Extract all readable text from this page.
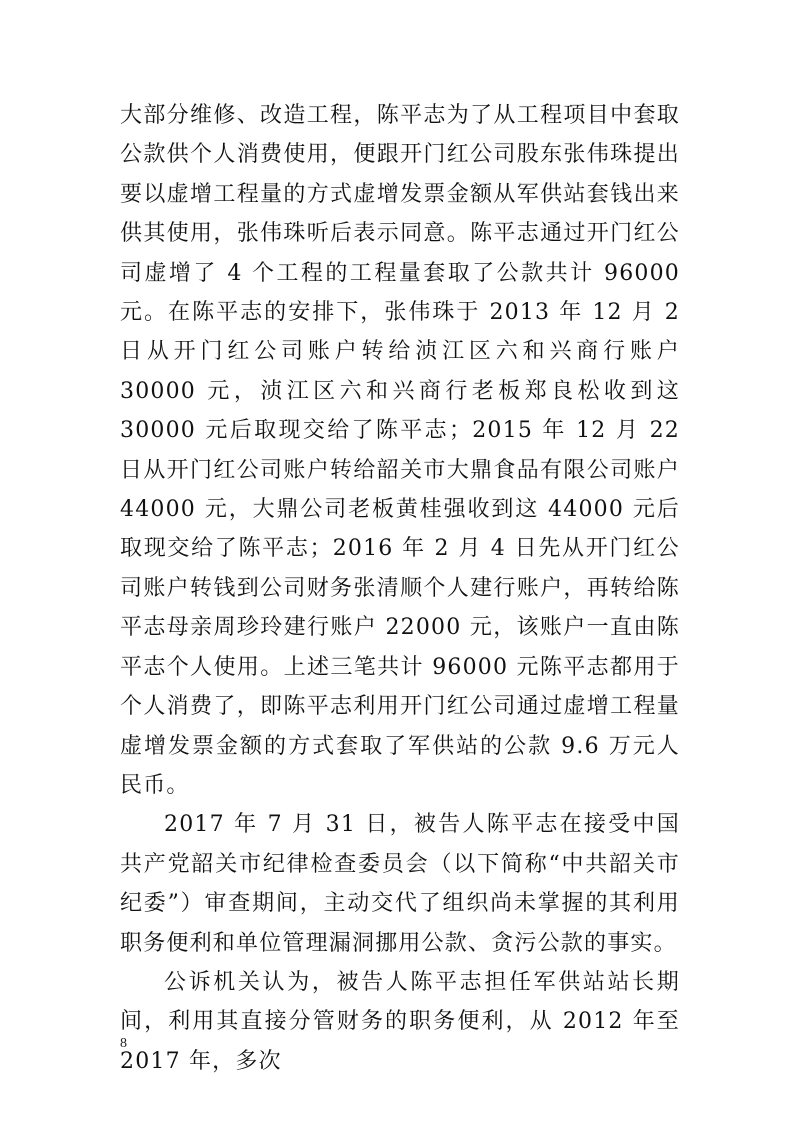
大部分维修、改造工程，陈平志为了从工程项目中套取公款供个人消费使用，便跟开门红公司股东张伟珠提出要以虚增工程量的方式虚增发票金额从军供站套钱出来供其使用，张伟珠听后表示同意。陈平志通过开门红公司虚增了 4 个工程的工程量套取了公款共计 96000 元。在陈平志的安排下，张伟珠于 2013 年 12 月 2 日从开门红公司账户转给浈江区六和兴商行账户 30000 元，浈江区六和兴商行老板郑良松收到这 30000 元后取现交给了陈平志；2015 年 12 月 22 日从开门红公司账户转给韶关市大鼎食品有限公司账户 44000 元，大鼎公司老板黄桂强收到这 44000 元后取现交给了陈平志；2016 年 2 月 4 日先从开门红公司账户转钱到公司财务张清顺个人建行账户，再转给陈平志母亲周珍玲建行账户 22000 元，该账户一直由陈平志个人使用。上述三笔共计 96000 元陈平志都用于个人消费了，即陈平志利用开门红公司通过虚增工程量虚增发票金额的方式套取了军供站的公款 9.6 万元人民币。

2017 年 7 月 31 日，被告人陈平志在接受中国共产党韶关市纪律检查委员会（以下简称“中共韶关市纪委”）审查期间，主动交代了组织尚未掌握的其利用职务便利和单位管理漏洞挪用公款、贪污公款的事实。

公诉机关认为，被告人陈平志担任军供站站长期间，利用其直接分管财务的职务便利，从 2012 年至 2017 年，多次

8
